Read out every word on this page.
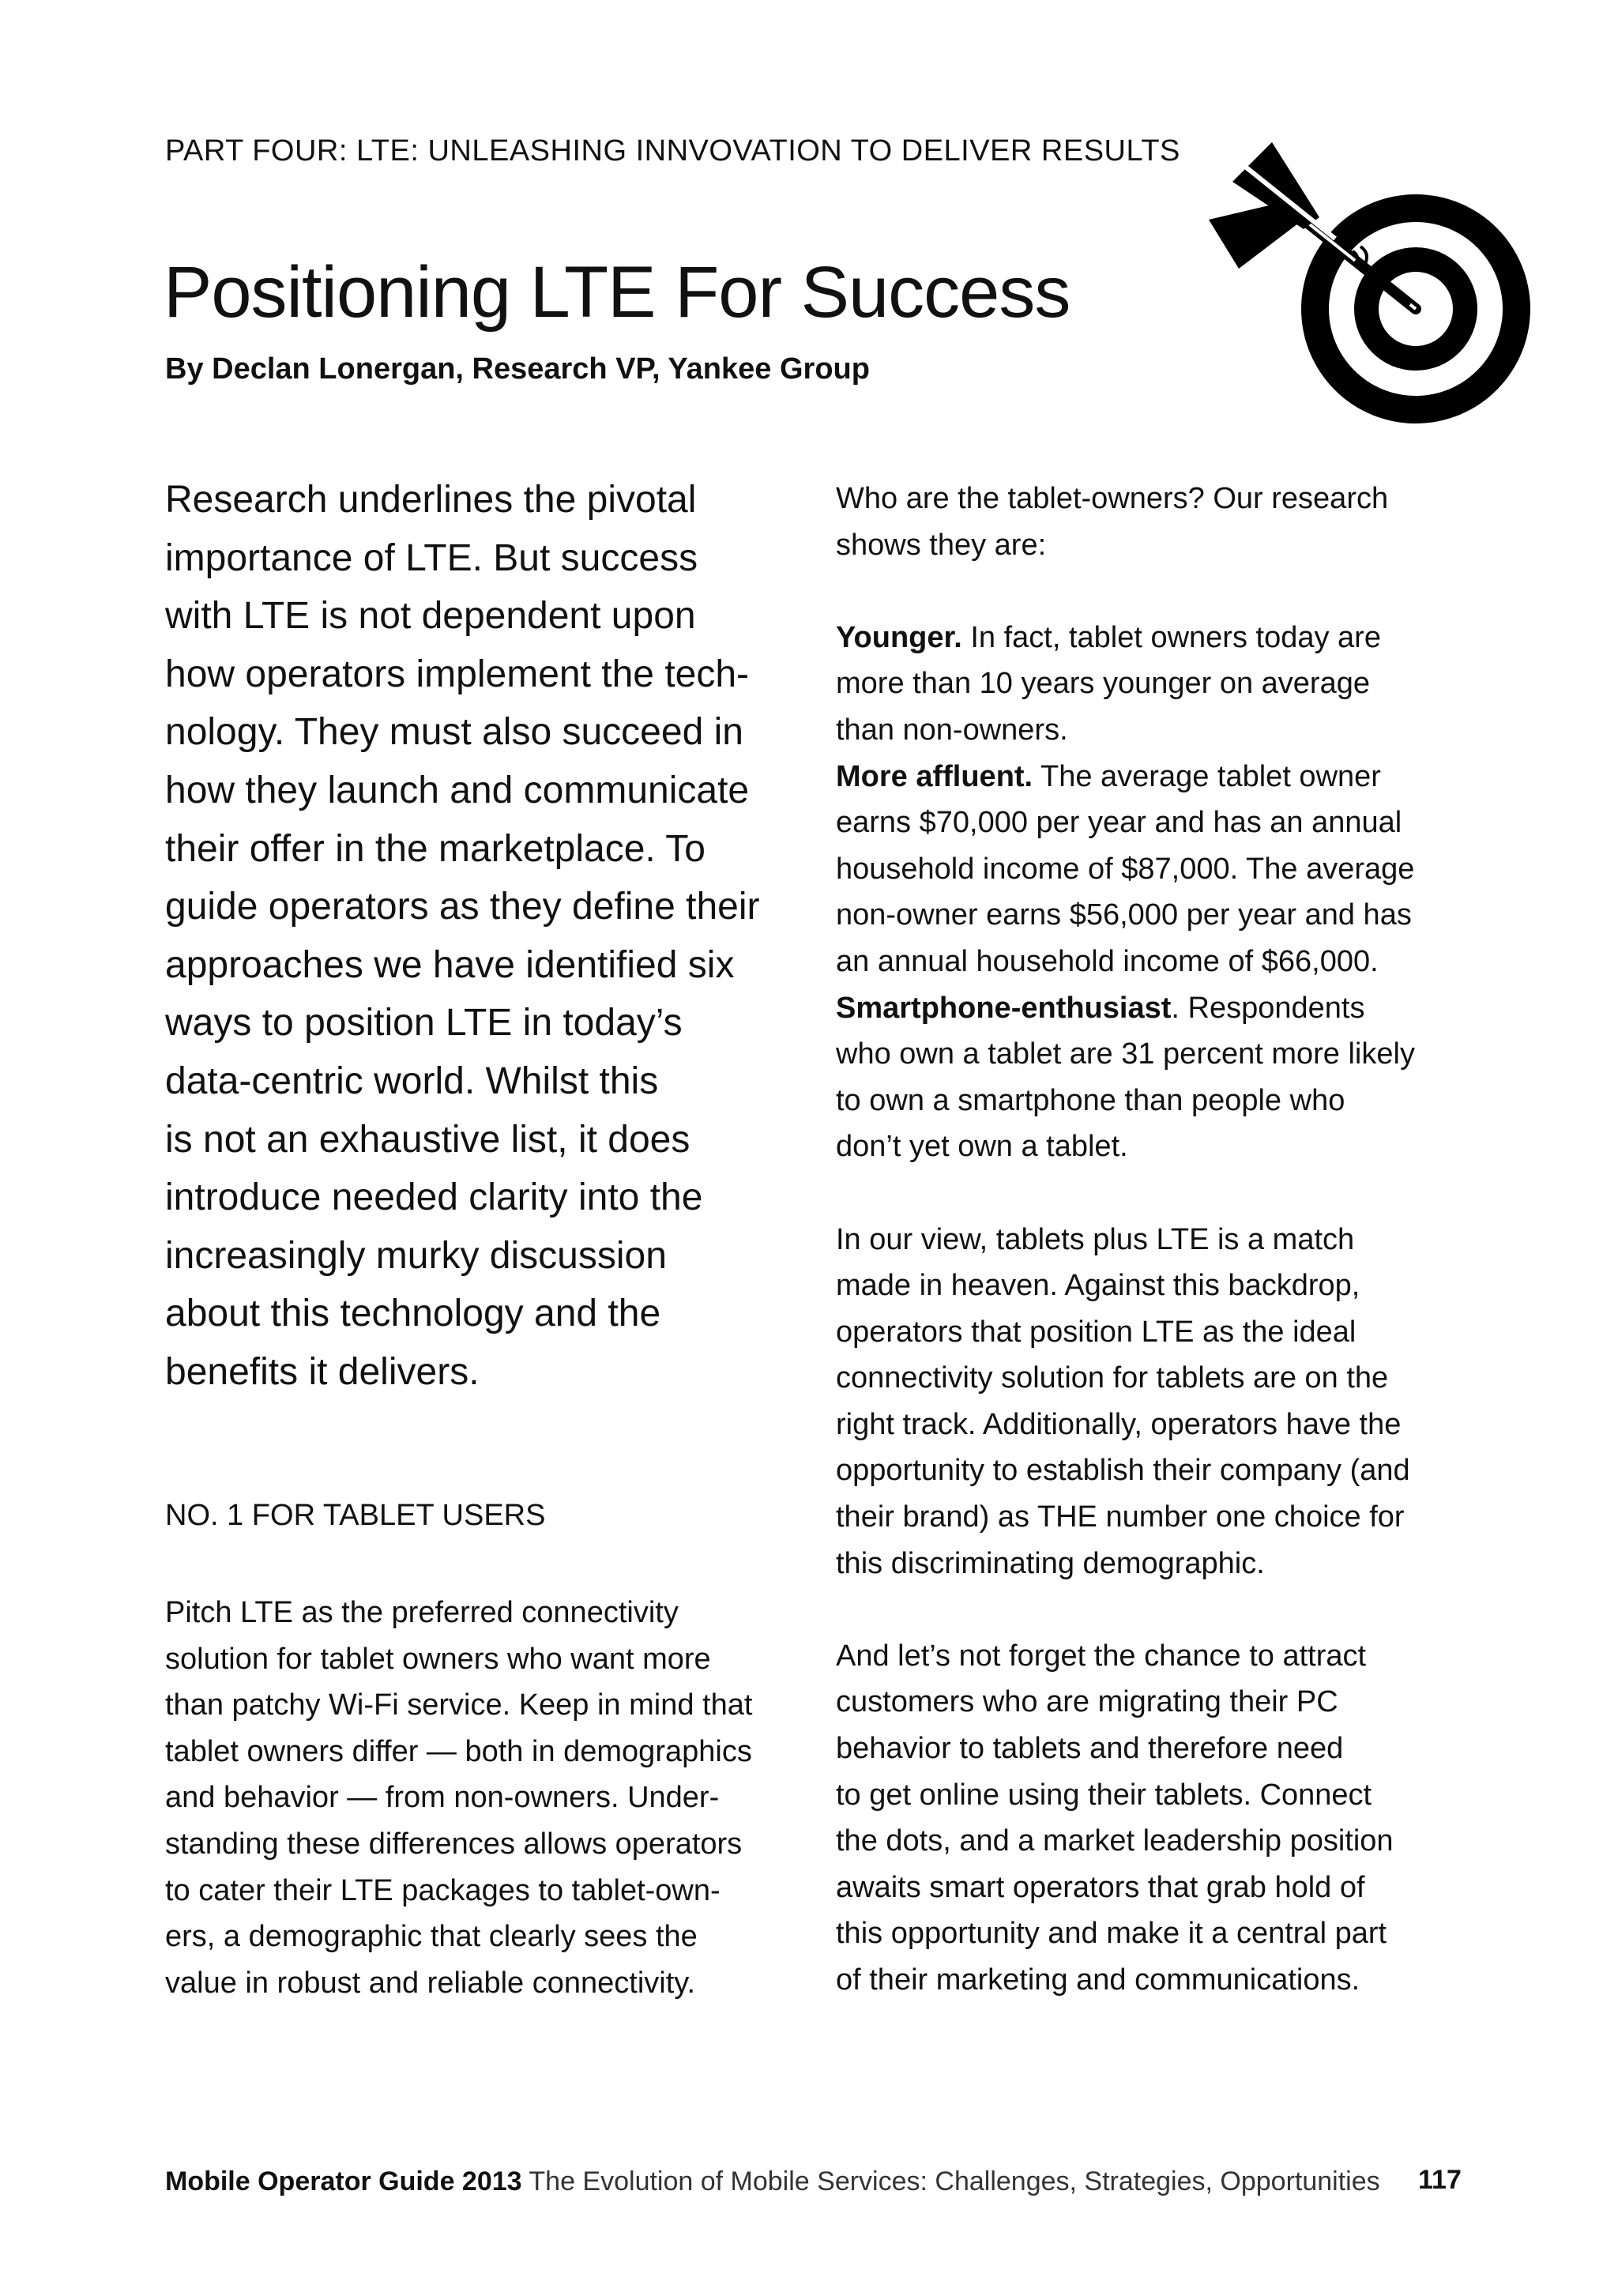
PART FOUR: LTE: UNLEASHING INNVOVATION TO DELIVER RESULTS
Positioning LTE For Success
By Declan Lonergan, Research VP, Yankee Group

Research underlines the pivotal
importance of LTE. But success
with LTE is not dependent upon
how operators implement the tech-
nology. They must also succeed in
how they launch and communicate
their offer in the marketplace. To
guide operators as they define their
approaches we have identified six
ways to position LTE in today’s
data-centric world. Whilst this
is not an exhaustive list, it does
introduce needed clarity into the
increasingly murky discussion
about this technology and the
benefits it delivers.

NO. 1 FOR TABLET USERS

Pitch LTE as the preferred connectivity
solution for tablet owners who want more
than patchy Wi-Fi service. Keep in mind that
tablet owners differ — both in demographics
and behavior — from non-owners. Under-
standing these differences allows operators
to cater their LTE packages to tablet-own-
ers, a demographic that clearly sees the
value in robust and reliable connectivity.

Who are the tablet-owners? Our research
shows they are:

Younger. In fact, tablet owners today are
more than 10 years younger on average
than non-owners.

More affluent. The average tablet owner
earns $70,000 per year and has an annual
household income of $87,000. The average
non-owner earns $56,000 per year and has
an annual household income of $66,000.

Smartphone-enthusiast. Respondents
who own a tablet are 31 percent more likely
to own a smartphone than people who
don’t yet own a tablet.

In our view, tablets plus LTE is a match
made in heaven. Against this backdrop,
operators that position LTE as the ideal
connectivity solution for tablets are on the
right track. Additionally, operators have the
opportunity to establish their company (and
their brand) as THE number one choice for
this discriminating demographic.

And let’s not forget the chance to attract
customers who are migrating their PC
behavior to tablets and therefore need
to get online using their tablets. Connect
the dots, and a market leadership position
awaits smart operators that grab hold of
this opportunity and make it a central part
of their marketing and communications.

Mobile Operator Guide 2013 The Evolution of Mobile Services: Challenges, Strategies, Opportunities 117
